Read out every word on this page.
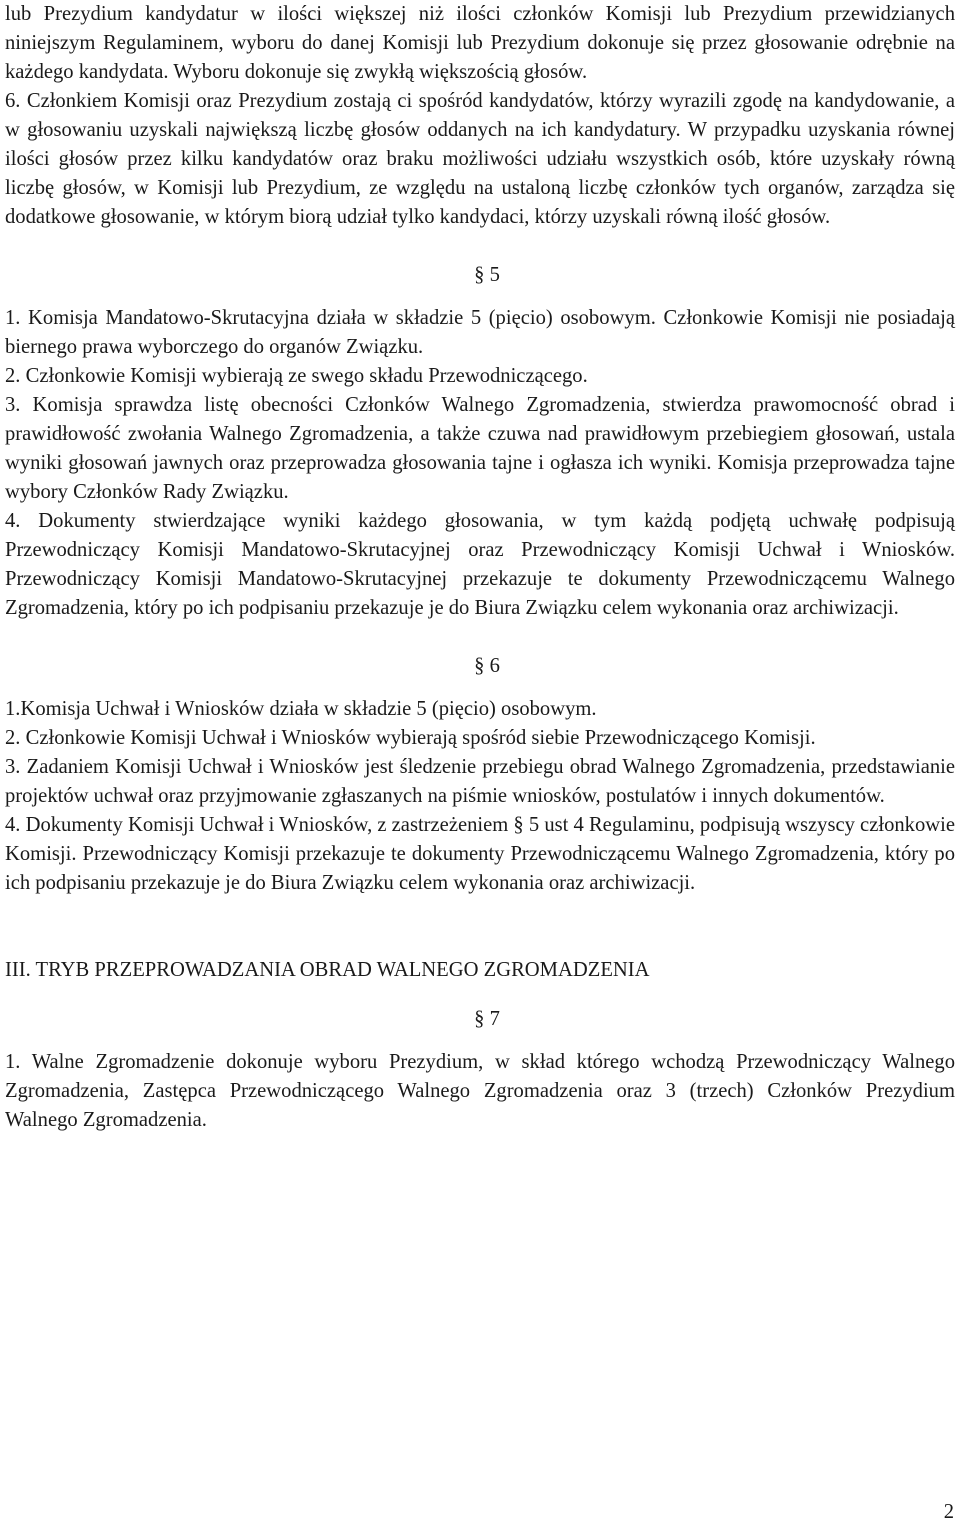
lub Prezydium kandydatur w ilości większej niż ilości członków Komisji lub Prezydium przewidzianych niniejszym Regulaminem, wyboru do danej Komisji lub Prezydium dokonuje się przez głosowanie odrębnie na każdego kandydata. Wyboru dokonuje się zwykłą większością głosów.

6. Członkiem Komisji oraz Prezydium zostają ci spośród kandydatów, którzy wyrazili zgodę na kandydowanie, a w głosowaniu uzyskali największą liczbę głosów oddanych na ich kandydatury. W przypadku uzyskania równej ilości głosów przez kilku kandydatów oraz braku możliwości udziału wszystkich osób, które uzyskały równą liczbę głosów, w Komisji lub Prezydium, ze względu na ustaloną liczbę członków tych organów, zarządza się dodatkowe głosowanie, w którym biorą udział tylko kandydaci, którzy uzyskali równą ilość głosów.

§ 5

1. Komisja Mandatowo-Skrutacyjna działa w składzie 5 (pięcio) osobowym. Członkowie Komisji nie posiadają biernego prawa wyborczego do organów Związku.

2. Członkowie Komisji wybierają ze swego składu Przewodniczącego.

3. Komisja sprawdza listę obecności Członków Walnego Zgromadzenia, stwierdza prawomocność obrad i prawidłowość zwołania Walnego Zgromadzenia, a także czuwa nad prawidłowym przebiegiem głosowań, ustala wyniki głosowań jawnych oraz przeprowadza głosowania tajne i ogłasza ich wyniki. Komisja przeprowadza tajne wybory Członków Rady Związku.

4. Dokumenty stwierdzające wyniki każdego głosowania, w tym każdą podjętą uchwałę podpisują Przewodniczący Komisji Mandatowo-Skrutacyjnej oraz Przewodniczący Komisji Uchwał i Wniosków. Przewodniczący Komisji Mandatowo-Skrutacyjnej przekazuje te dokumenty Przewodniczącemu Walnego Zgromadzenia, który po ich podpisaniu przekazuje je do Biura Związku celem wykonania oraz archiwizacji.

§ 6

1.Komisja Uchwał i Wniosków działa w składzie 5 (pięcio) osobowym.

2. Członkowie Komisji Uchwał i Wniosków wybierają spośród siebie Przewodniczącego Komisji.

3. Zadaniem Komisji Uchwał i Wniosków jest śledzenie przebiegu obrad Walnego Zgromadzenia, przedstawianie projektów uchwał oraz przyjmowanie zgłaszanych na piśmie wniosków, postulatów i innych dokumentów.

4. Dokumenty Komisji Uchwał i Wniosków, z zastrzeżeniem § 5 ust 4 Regulaminu, podpisują wszyscy członkowie Komisji. Przewodniczący Komisji przekazuje te dokumenty Przewodniczącemu Walnego Zgromadzenia, który po ich podpisaniu przekazuje je do Biura Związku celem wykonania oraz archiwizacji.

III. TRYB PRZEPROWADZANIA OBRAD WALNEGO ZGROMADZENIA

§ 7

1. Walne Zgromadzenie dokonuje wyboru Prezydium, w skład którego wchodzą Przewodniczący Walnego Zgromadzenia, Zastępca Przewodniczącego Walnego Zgromadzenia oraz 3 (trzech) Członków Prezydium Walnego Zgromadzenia.

2
